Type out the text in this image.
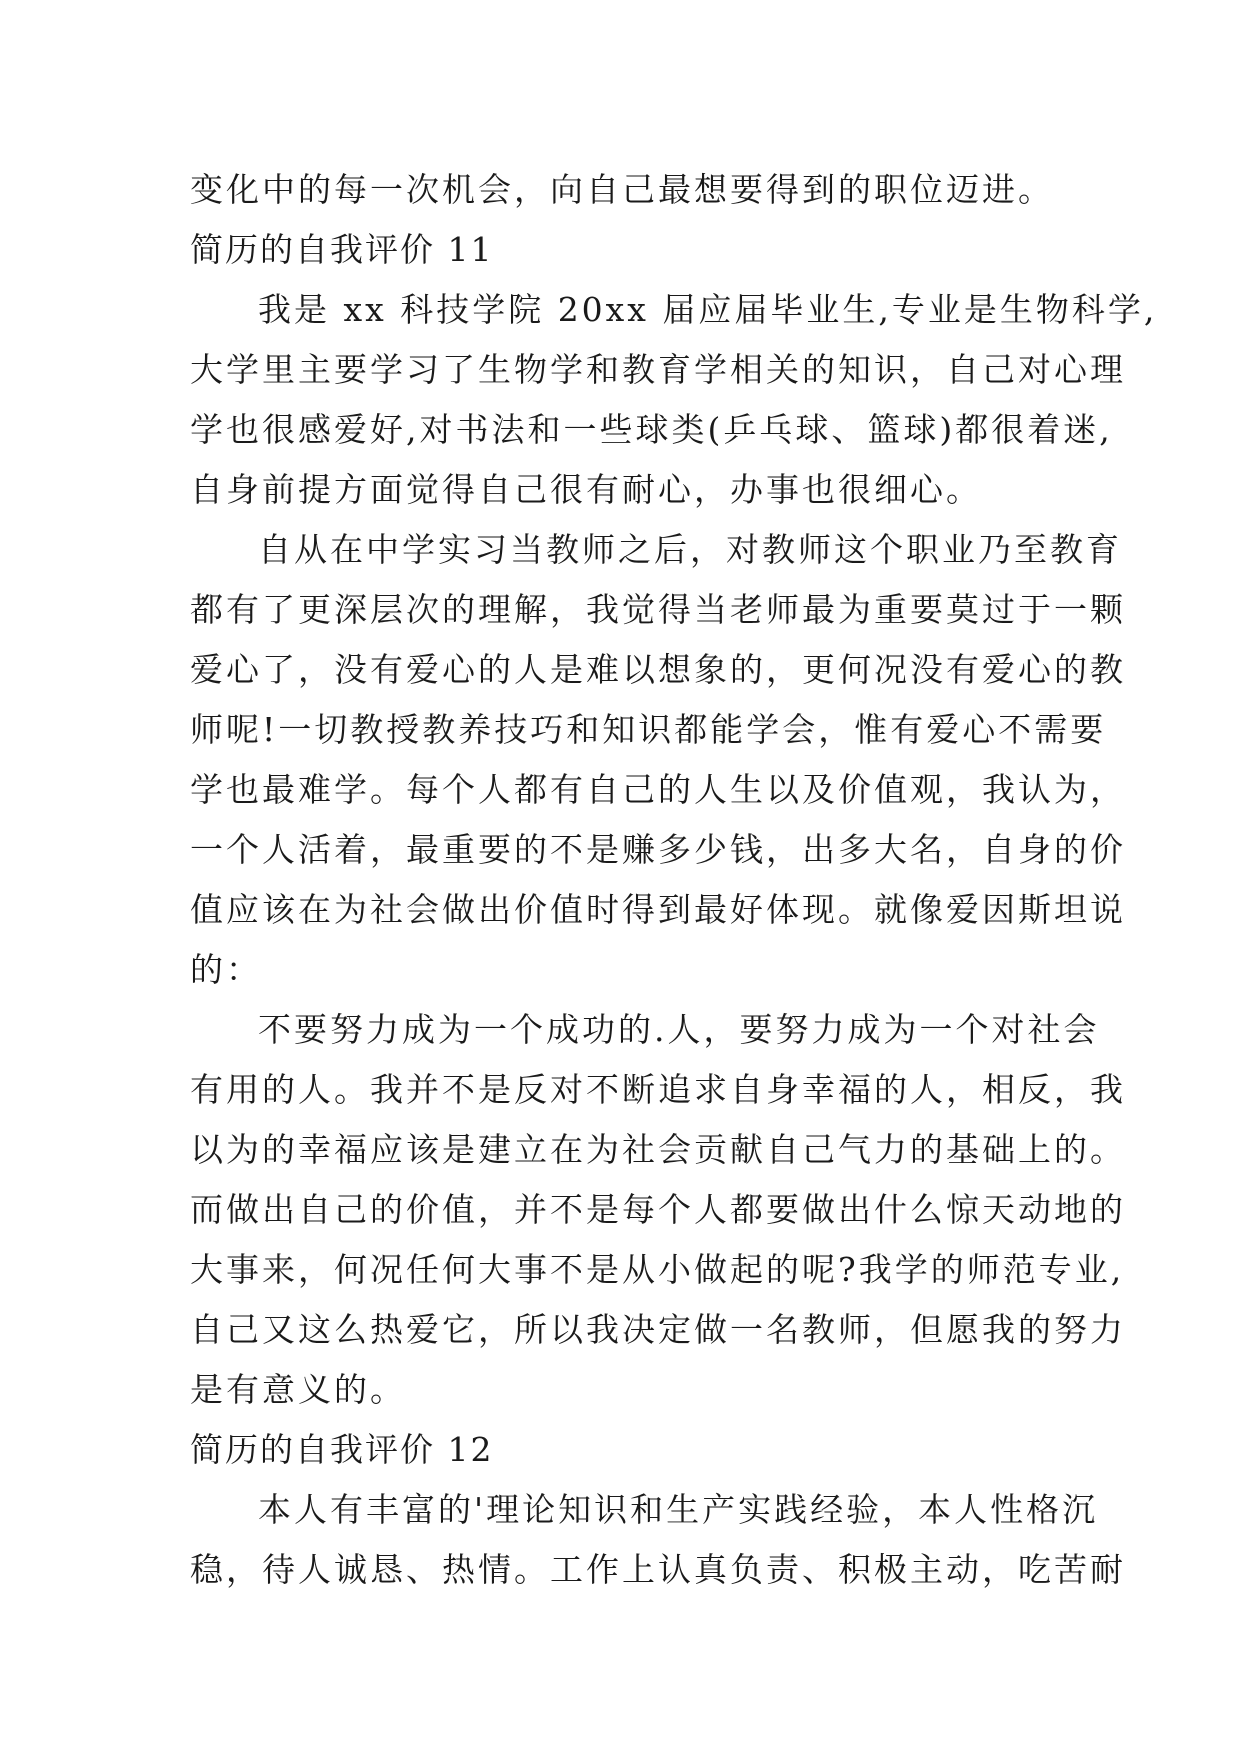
变化中的每一次机会，向自己最想要得到的职位迈进。

简历的自我评价 11

我是 xx 科技学院 20xx 届应届毕业生,专业是生物科学,

大学里主要学习了生物学和教育学相关的知识，自己对心理

学也很感爱好,对书法和一些球类(乒乓球、篮球)都很着迷,

自身前提方面觉得自己很有耐心，办事也很细心。

自从在中学实习当教师之后，对教师这个职业乃至教育

都有了更深层次的理解，我觉得当老师最为重要莫过于一颗

爱心了，没有爱心的人是难以想象的，更何况没有爱心的教

师呢!一切教授教养技巧和知识都能学会，惟有爱心不需要

学也最难学。每个人都有自己的人生以及价值观，我认为，

一个人活着，最重要的不是赚多少钱，出多大名，自身的价

值应该在为社会做出价值时得到最好体现。就像爱因斯坦说

的：

不要努力成为一个成功的.人，要努力成为一个对社会

有用的人。我并不是反对不断追求自身幸福的人，相反，我

以为的幸福应该是建立在为社会贡献自己气力的基础上的。

而做出自己的价值，并不是每个人都要做出什么惊天动地的

大事来，何况任何大事不是从小做起的呢?我学的师范专业,

自己又这么热爱它，所以我决定做一名教师，但愿我的努力

是有意义的。

简历的自我评价 12

本人有丰富的'理论知识和生产实践经验，本人性格沉

稳，待人诚恳、热情。工作上认真负责、积极主动，吃苦耐
